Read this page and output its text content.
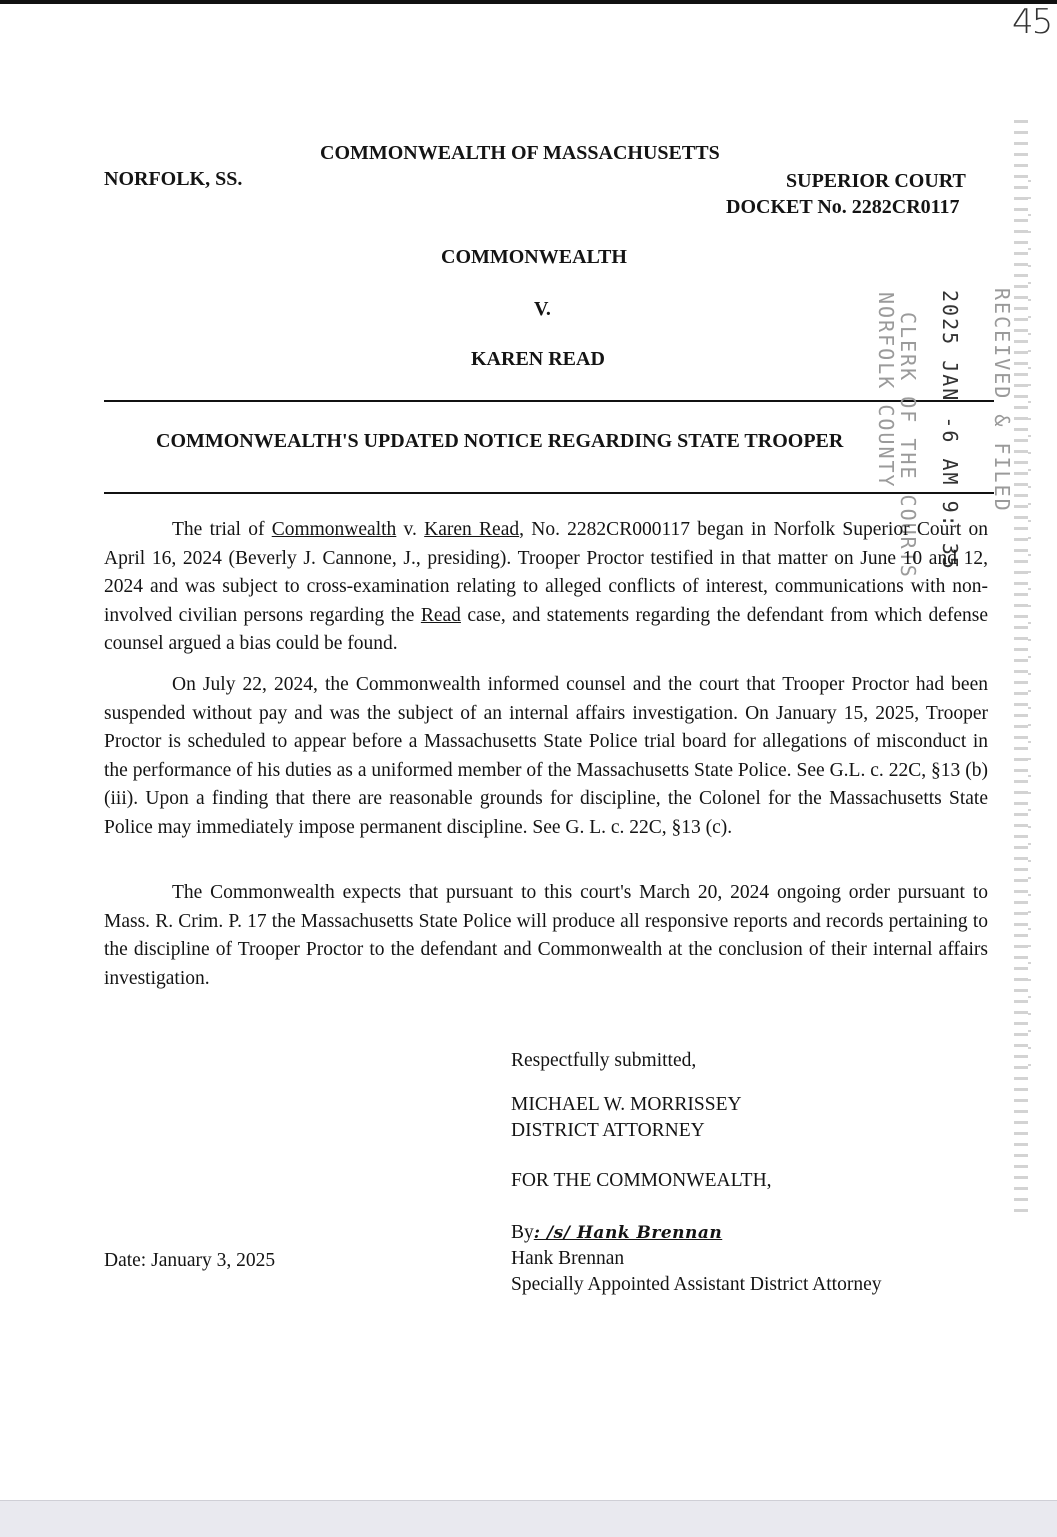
45
COMMONWEALTH OF MASSACHUSETTS
NORFOLK, SS.	SUPERIOR COURT
DOCKET No. 2282CR0117
COMMONWEALTH
V.
KAREN READ
COMMONWEALTH'S UPDATED NOTICE REGARDING STATE TROOPER	RECEIVED & FILED
2025 JAN -6 AM 9: 35
CLERK OF THE COURTS
NORFOLK COUNTY
The trial of Commonwealth v. Karen Read, No. 2282CR000117 began in Norfolk Superior Court on April 16, 2024 (Beverly J. Cannone, J., presiding). Trooper Proctor testified in that matter on June 10 and 12, 2024 and was subject to cross-examination relating to alleged conflicts of interest, communications with non-involved civilian persons regarding the Read case, and statements regarding the defendant from which defense counsel argued a bias could be found.
On July 22, 2024, the Commonwealth informed counsel and the court that Trooper Proctor had been suspended without pay and was the subject of an internal affairs investigation. On January 15, 2025, Trooper Proctor is scheduled to appear before a Massachusetts State Police trial board for allegations of misconduct in the performance of his duties as a uniformed member of the Massachusetts State Police. See G.L. c. 22C, §13 (b) (iii). Upon a finding that there are reasonable grounds for discipline, the Colonel for the Massachusetts State Police may immediately impose permanent discipline. See G. L. c. 22C, §13 (c).
The Commonwealth expects that pursuant to this court's March 20, 2024 ongoing order pursuant to Mass. R. Crim. P. 17 the Massachusetts State Police will produce all responsive reports and records pertaining to the discipline of Trooper Proctor to the defendant and Commonwealth at the conclusion of their internal affairs investigation.
Respectfully submitted,
MICHAEL W. MORRISSEY
DISTRICT ATTORNEY
FOR THE COMMONWEALTH,
By: /s/ Hank Brennan
Hank Brennan
Specially Appointed Assistant District Attorney
Date: January 3, 2025
